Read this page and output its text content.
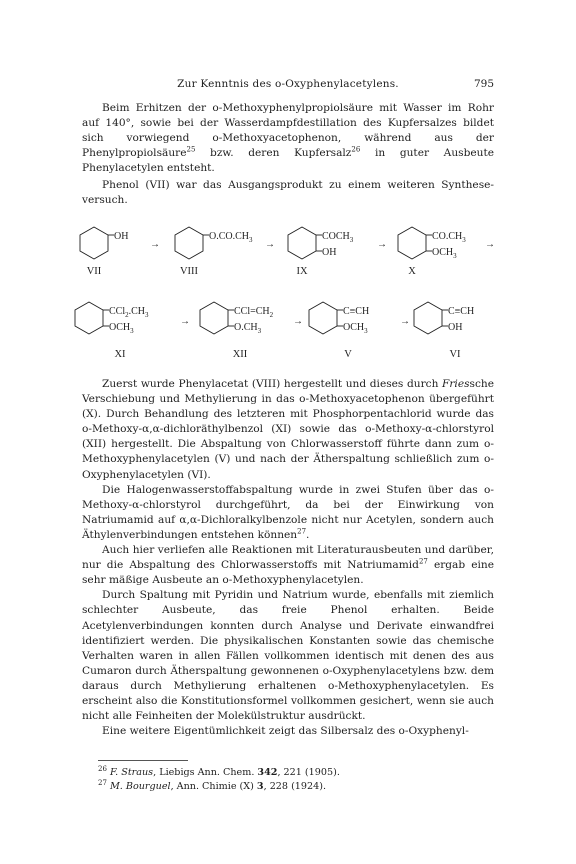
Zur Kenntnis des o-Oxyphenylacetylens.	795

Beim Erhitzen der o-Methoxyphenylpropiolsäure mit Wasser im Rohr auf 140°, sowie bei der Wasserdampfdestillation des Kupfersalzes bildet sich vorwiegend o-Methoxyacetophenon, während aus der Phenylpropiolsäure$^{25}$ bzw. deren Kupfersalz$^{26}$ in guter Ausbeute Phenylacetylen entsteht.

Phenol (VII) war das Ausgangsprodukt zu einem weiteren Synthese-versuch.

OH
VII
→
$O.CO.CH_3$
VIII
→
$COCH_3$
OH
IX
→
$CO.CH_3$
$OCH_3$
X
→
$CCl_2.CH_3$
$OCH_3$
XI
→
$CCl=CH_2$
$O.CH_3$
XII
→
C≡CH
$OCH_3$
V
→
C≡CH
OH
VI

Zuerst wurde Phenylacetat (VIII) hergestellt und dieses durch Friessche Verschiebung und Methylierung in das o-Methoxyacetophenon übergeführt (X). Durch Behandlung des letzteren mit Phosphorpentachlorid wurde das o-Methoxy-α,α-dichloräthylbenzol (XI) sowie das o-Methoxy-α-chlorstyrol (XII) hergestellt. Die Abspaltung von Chlorwasserstoff führte dann zum o-Methoxyphenylacetylen (V) und nach der Ätherspaltung schließlich zum o-Oxyphenylacetylen (VI).

Die Halogenwasserstoffabspaltung wurde in zwei Stufen über das o-Methoxy-α-chlorstyrol durchgeführt, da bei der Einwirkung von Natriumamid auf α,α-Dichloralkylbenzole nicht nur Acetylen, sondern auch Äthylenverbindungen entstehen können$^{27}$.

Auch hier verliefen alle Reaktionen mit Literaturausbeuten und darüber, nur die Abspaltung des Chlorwasserstoffs mit Natriumamid$^{27}$ ergab eine sehr mäßige Ausbeute an o-Methoxyphenylacetylen.

Durch Spaltung mit Pyridin und Natrium wurde, ebenfalls mit ziemlich schlechter Ausbeute, das freie Phenol erhalten. Beide Acetylenverbindungen konnten durch Analyse und Derivate einwandfrei identifiziert werden. Die physikalischen Konstanten sowie das chemische Verhalten waren in allen Fällen vollkommen identisch mit denen des aus Cumaron durch Ätherspaltung gewonnenen o-Oxyphenylacetylens bzw. dem daraus durch Methylierung erhaltenen o-Methoxyphenylacetylen. Es erscheint also die Konstitutionsformel vollkommen gesichert, wenn sie auch nicht alle Feinheiten der Molekülstruktur ausdrückt.

Eine weitere Eigentümlichkeit zeigt das Silbersalz des o-Oxyphenyl-

$^{26}$ F. Straus, Liebigs Ann. Chem. 342, 221 (1905).
$^{27}$ M. Bourguel, Ann. Chimie (X) 3, 228 (1924).
